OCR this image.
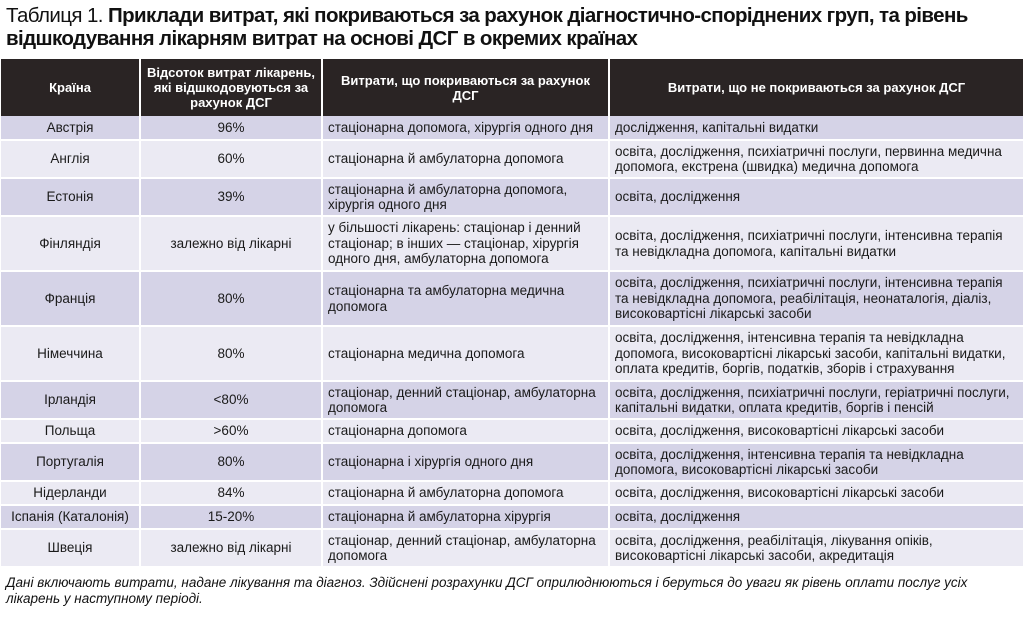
Таблиця 1. Приклади витрат, які покриваються за рахунок діагностично-споріднених груп, та рівень відшкодування лікарням витрат на основі ДСГ в окремих країнах
Країна	Відсоток витрат лікарень, які відшкодовуються за рахунок ДСГ	Витрати, що покриваються за рахунок ДСГ	Витрати, що не покриваються за рахунок ДСГ
Австрія	96%	стаціонарна допомога, хірургія одного дня	дослідження, капітальні видатки
Англія	60%	стаціонарна й амбулаторна допомога	освіта, дослідження, психіатричні послуги, первинна медична допомога, екстрена (швидка) медична допомога
Естонія	39%	стаціонарна й амбулаторна допомога, хірургія одного дня	освіта, дослідження
Фінляндія	залежно від лікарні	у більшості лікарень: стаціонар і денний стаціонар; в інших — стаціонар, хірургія одного дня, амбулаторна допомога	освіта, дослідження, психіатричні послуги, інтенсивна терапія та невідкладна допомога, капітальні видатки
Франція	80%	стаціонарна та амбулаторна медична допомога	освіта, дослідження, психіатричні послуги, інтенсивна терапія та невідкладна допомога, реабілітація, неонаталогія, діаліз, високовартісні лікарські засоби
Німеччина	80%	стаціонарна медична допомога	освіта, дослідження, інтенсивна терапія та невідкладна допомога, високовартісні лікарські засоби, капітальні видатки, оплата кредитів, боргів, податків, зборів і страхування
Ірландія	<80%	стаціонар, денний стаціонар, амбулаторна допомога	освіта, дослідження, психіатричні послуги, геріатричні послуги, капітальні видатки, оплата кредитів, боргів і пенсій
Польща	>60%	стаціонарна допомога	освіта, дослідження, високовартісні лікарські засоби
Португалія	80%	стаціонарна і хірургія одного дня	освіта, дослідження, інтенсивна терапія та невідкладна допомога, високовартісні лікарські засоби
Нідерланди	84%	стаціонарна й амбулаторна допомога	освіта, дослідження, високовартісні лікарські засоби
Іспанія (Каталонія)	15-20%	стаціонарна й амбулаторна хірургія	освіта, дослідження
Швеція	залежно від лікарні	стаціонар, денний стаціонар, амбулаторна допомога	освіта, дослідження, реабілітація, лікування опіків, високовартісні лікарські засоби, акредитація
Дані включають витрати, надане лікування та діагноз. Здійснені розрахунки ДСГ оприлюднюються і беруться до уваги як рівень оплати послуг усіх лікарень у наступному періоді.
